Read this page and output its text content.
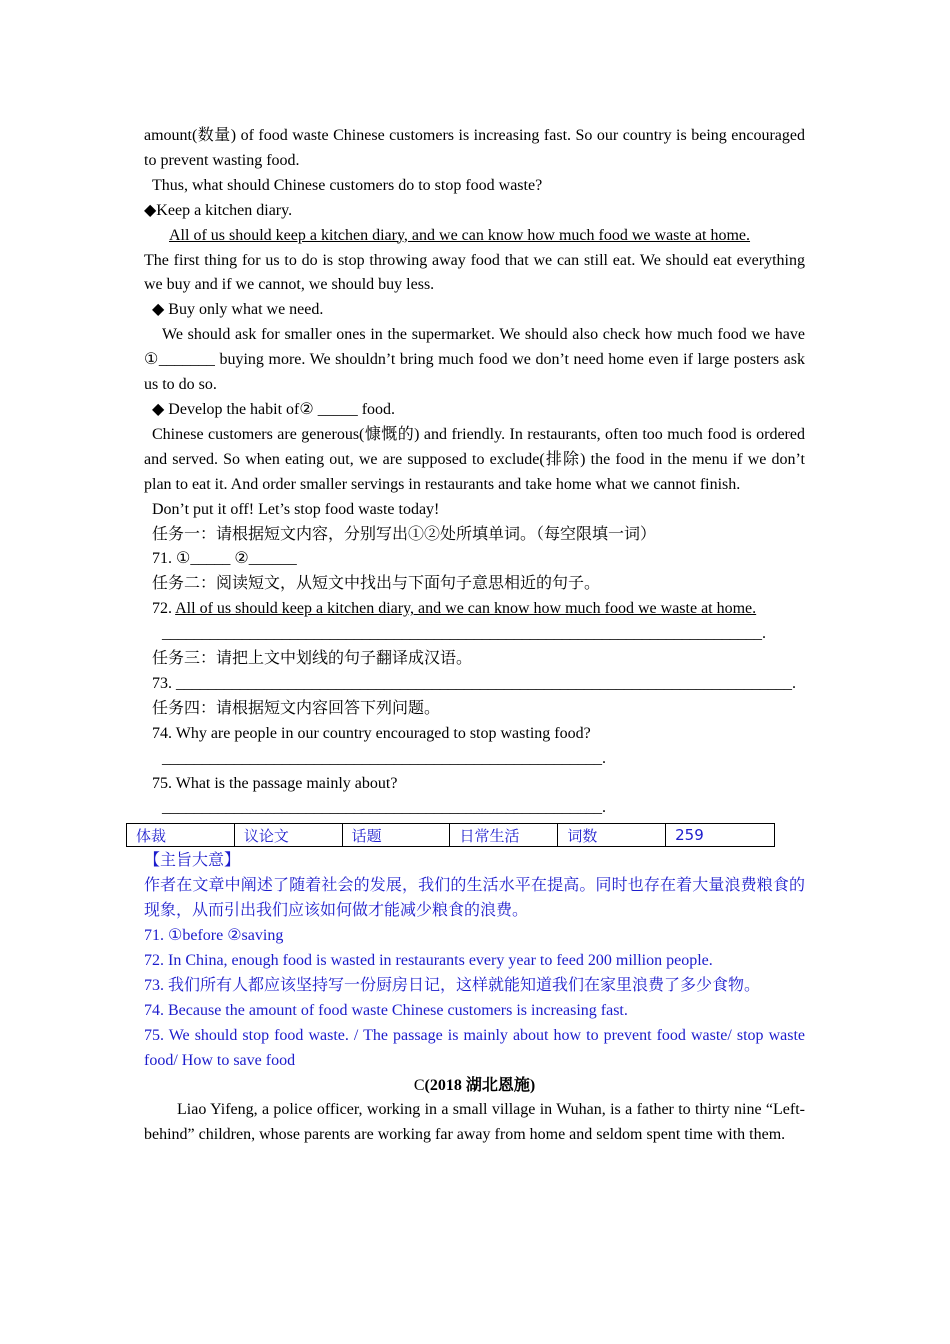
amount(数量) of food waste Chinese customers is increasing fast. So our country is being encouraged to prevent wasting food.

Thus, what should Chinese customers do to stop food waste?

◆Keep a kitchen diary.

All of us should keep a kitchen diary, and we can know how much food we waste at home.

The first thing for us to do is stop throwing away food that we can still eat. We should eat everything we buy and if we cannot, we should buy less.

◆ Buy only what we need.

We should ask for smaller ones in the supermarket. We should also check how much food we have ①_______ buying more. We shouldn’t bring much food we don’t need home even if large posters ask us to do so.

◆ Develop the habit of② _____ food.

Chinese customers are generous(慷慨的) and friendly. In restaurants, often too much food is ordered and served. So when eating out, we are supposed to exclude(排除) the food in the menu if we don’t plan to eat it. And order smaller servings in restaurants and take home what we cannot finish.

Don’t put it off! Let’s stop food waste today!

任务一：请根据短文内容，分别写出①②处所填单词。（每空限填一词）

71. ①_____ ②______

任务二：阅读短文，从短文中找出与下面句子意思相近的句子。

72. All of us should keep a kitchen diary, and we can know how much food we waste at home.

___________________________________________________________________________.

任务三：请把上文中划线的句子翻译成汉语。

73. _____________________________________________________________________________.

任务四：请根据短文内容回答下列问题。

74. Why are people in our country encouraged to stop wasting food?

_______________________________________________________.

75. What is the passage mainly about?

_______________________________________________________.

体裁	议论文	话题	日常生活	词数	259

【主旨大意】

作者在文章中阐述了随着社会的发展，我们的生活水平在提高。同时也存在着大量浪费粮食的现象，从而引出我们应该如何做才能减少粮食的浪费。

71. ①before ②saving

72. In China, enough food is wasted in restaurants every year to feed 200 million people.

73. 我们所有人都应该坚持写一份厨房日记，这样就能知道我们在家里浪费了多少食物。

74. Because the amount of food waste Chinese customers is increasing fast.

75. We should stop food waste. / The passage is mainly about how to prevent food waste/ stop waste food/ How to save food

C(2018 湖北恩施)

Liao Yifeng, a police officer, working in a small village in Wuhan, is a father to thirty nine “Left-behind” children, whose parents are working far away from home and seldom spent time with them.
